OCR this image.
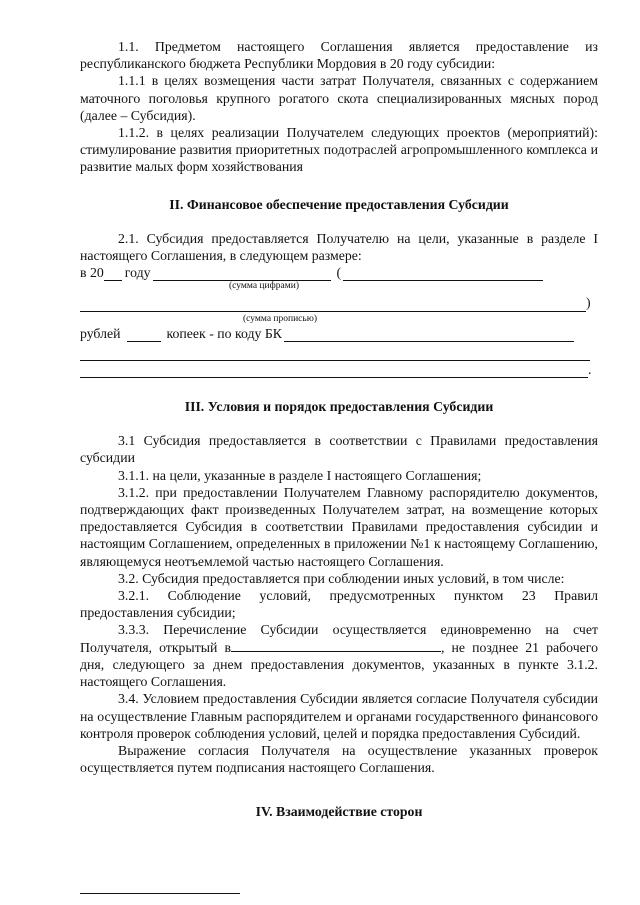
1.1. Предметом настоящего Соглашения является предоставление из республиканского бюджета Республики Мордовия в 20 году субсидии:

1.1.1 в целях возмещения части затрат Получателя, связанных с содержанием маточного поголовья крупного рогатого скота специализированных мясных пород (далее – Субсидия).

1.1.2. в целях реализации Получателем следующих проектов (мероприятий): стимулирование развития приоритетных подотраслей агропромышленного комплекса и развитие малых форм хозяйствования

II. Финансовое обеспечение предоставления Субсидии

2.1. Субсидия предоставляется Получателю на цели, указанные в разделе I настоящего Соглашения, в следующем размере:

в 20 году	(
(сумма цифрами)
)
(сумма прописью)
рублей	копеек - по коду БК
.

III. Условия и порядок предоставления Субсидии

3.1 Субсидия предоставляется в соответствии с Правилами предоставления субсидии

3.1.1. на цели, указанные в разделе I настоящего Соглашения;

3.1.2. при предоставлении Получателем Главному распорядителю документов, подтверждающих факт произведенных Получателем затрат, на возмещение которых предоставляется Субсидия в соответствии Правилами предоставления субсидии и настоящим Соглашением, определенных в приложении №1 к настоящему Соглашению, являющемуся неотъемлемой частью настоящего Соглашения.

3.2. Субсидия предоставляется при соблюдении иных условий, в том числе:

3.2.1. Соблюдение условий, предусмотренных пунктом 23 Правил предоставления субсидии;

3.3.3. Перечисление Субсидии осуществляется единовременно на счет Получателя, открытый в	, не позднее 21 рабочего дня, следующего за днем предоставления документов, указанных в пункте 3.1.2. настоящего Соглашения.

3.4. Условием предоставления Субсидии является согласие Получателя субсидии на осуществление Главным распорядителем и органами государственного финансового контроля проверок соблюдения условий, целей и порядка предоставления Субсидий.

Выражение согласия Получателя на осуществление указанных проверок осуществляется путем подписания настоящего Соглашения.

IV. Взаимодействие сторон
